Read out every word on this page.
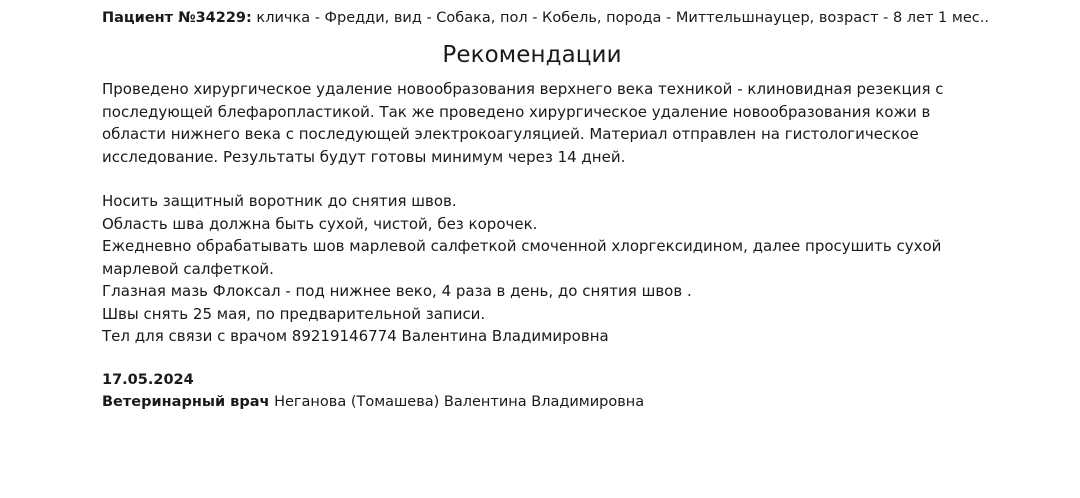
Пациент №34229: кличка - Фредди, вид - Собака, пол - Кобель, порода - Миттельшнауцер, возраст - 8 лет 1 мес..
Рекомендации

Проведено хирургическое удаление новообразования верхнего века техникой - клиновидная резекция с последующей блефаропластикой. Так же проведено хирургическое удаление новообразования кожи в области нижнего века с последующей электрокоагуляцией. Материал отправлен на гистологическое исследование. Результаты будут готовы минимум через 14 дней.

Носить защитный воротник до снятия швов.
Область шва должна быть сухой, чистой, без корочек.
Ежедневно обрабатывать шов марлевой салфеткой смоченной хлоргексидином, далее просушить сухой марлевой салфеткой.
Глазная мазь Флоксал - под нижнее веко, 4 раза в день, до снятия швов .
Швы снять 25 мая, по предварительной записи.
Тел для связи с врачом 89219146774 Валентина Владимировна
17.05.2024
Ветеринарный врач Неганова (Томашева) Валентина Владимировна
